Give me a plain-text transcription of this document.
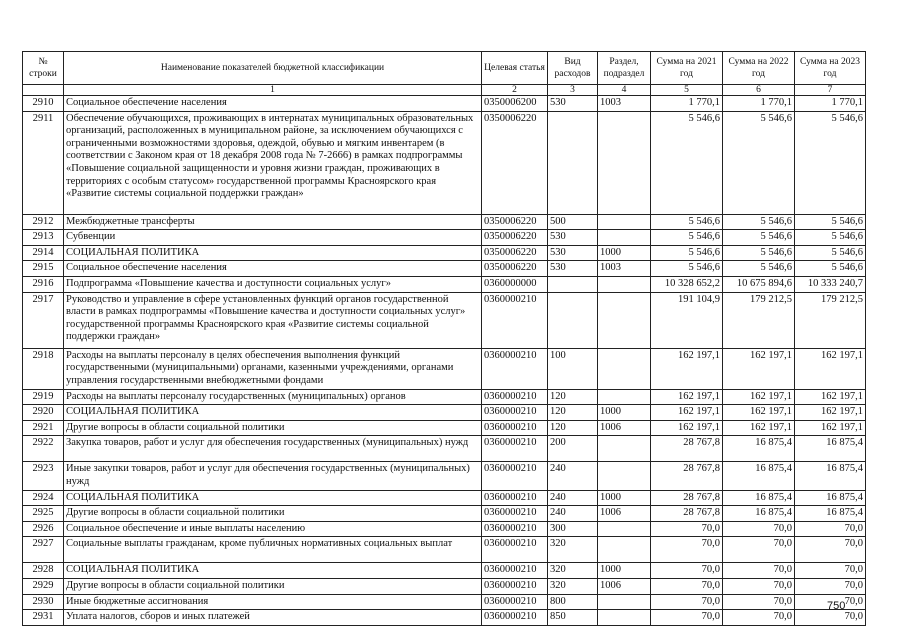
№ строки	Наименование показателей бюджетной классификации	Целевая статья	Вид расходов	Раздел, подраздел	Сумма на 2021 год	Сумма на 2022 год	Сумма на 2023 год
	1	2	3	4	5	6	7
2910	Социальное обеспечение населения	0350006200	530	1003	1 770,1	1 770,1	1 770,1
2911	Обеспечение обучающихся, проживающих в интернатах муниципальных образовательных организаций, расположенных в муниципальном районе, за исключением обучающихся с ограниченными возможностями здоровья, одеждой, обувью и мягким инвентарем (в соответствии с Законом края от 18 декабря 2008 года № 7-2666) в рамках подпрограммы «Повышение социальной защищенности и уровня жизни граждан, проживающих в территориях с особым статусом» государственной программы Красноярского края «Развитие системы социальной поддержки граждан»	0350006220			5 546,6	5 546,6	5 546,6
2912	Межбюджетные трансферты	0350006220	500		5 546,6	5 546,6	5 546,6
2913	Субвенции	0350006220	530		5 546,6	5 546,6	5 546,6
2914	СОЦИАЛЬНАЯ ПОЛИТИКА	0350006220	530	1000	5 546,6	5 546,6	5 546,6
2915	Социальное обеспечение населения	0350006220	530	1003	5 546,6	5 546,6	5 546,6
2916	Подпрограмма «Повышение качества и доступности социальных услуг»	0360000000			10 328 652,2	10 675 894,6	10 333 240,7
2917	Руководство и управление в сфере установленных функций органов государственной власти в рамках подпрограммы «Повышение качества и доступности социальных услуг» государственной программы Красноярского края «Развитие системы социальной поддержки граждан»	0360000210			191 104,9	179 212,5	179 212,5
2918	Расходы на выплаты персоналу в целях обеспечения выполнения функций государственными (муниципальными) органами, казенными учреждениями, органами управления государственными внебюджетными фондами	0360000210	100		162 197,1	162 197,1	162 197,1
2919	Расходы на выплаты персоналу государственных (муниципальных) органов	0360000210	120		162 197,1	162 197,1	162 197,1
2920	СОЦИАЛЬНАЯ ПОЛИТИКА	0360000210	120	1000	162 197,1	162 197,1	162 197,1
2921	Другие вопросы в области социальной политики	0360000210	120	1006	162 197,1	162 197,1	162 197,1
2922	Закупка товаров, работ и услуг для обеспечения государственных (муниципальных) нужд	0360000210	200		28 767,8	16 875,4	16 875,4
2923	Иные закупки товаров, работ и услуг для обеспечения государственных (муниципальных) нужд	0360000210	240		28 767,8	16 875,4	16 875,4
2924	СОЦИАЛЬНАЯ ПОЛИТИКА	0360000210	240	1000	28 767,8	16 875,4	16 875,4
2925	Другие вопросы в области социальной политики	0360000210	240	1006	28 767,8	16 875,4	16 875,4
2926	Социальное обеспечение и иные выплаты населению	0360000210	300		70,0	70,0	70,0
2927	Социальные выплаты гражданам, кроме публичных нормативных социальных выплат	0360000210	320		70,0	70,0	70,0
2928	СОЦИАЛЬНАЯ ПОЛИТИКА	0360000210	320	1000	70,0	70,0	70,0
2929	Другие вопросы в области социальной политики	0360000210	320	1006	70,0	70,0	70,0
2930	Иные бюджетные ассигнования	0360000210	800		70,0	70,0	70,0
2931	Уплата налогов, сборов и иных платежей	0360000210	850		70,0	70,0	70,0
750
